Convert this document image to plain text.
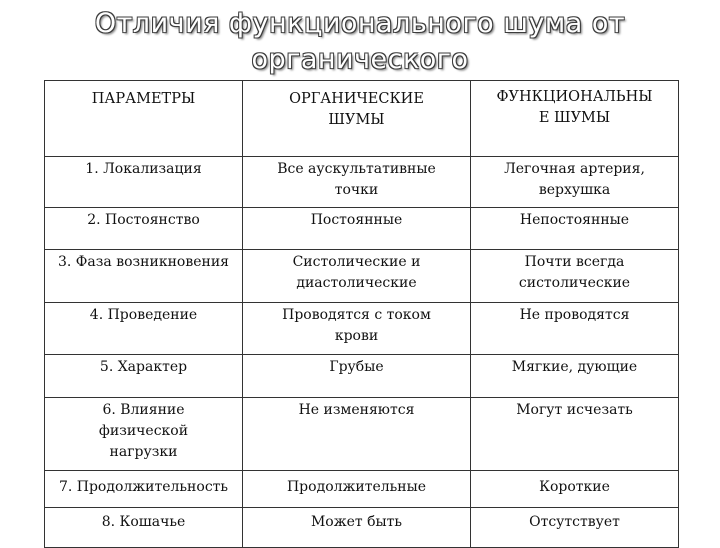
Отличия функционального шума от
органического
ПАРАМЕТРЫ	ОРГАНИЧЕСКИЕ ШУМЫ	ФУНКЦИОНАЛЬНЫ Е ШУМЫ
1. Локализация	Все аускультативные точки	Легочная артерия, верхушка
2. Постоянство	Постоянные	Непостоянные
3. Фаза возникновения	Систолические и диастолические	Почти всегда систолические
4. Проведение	Проводятся с током крови	Не проводятся
5. Характер	Грубые	Мягкие, дующие
6. Влияние физической нагрузки	Не изменяются	Могут исчезать
7. Продолжительность	Продолжительные	Короткие
8. Кошачье	Может быть	Отсутствует
